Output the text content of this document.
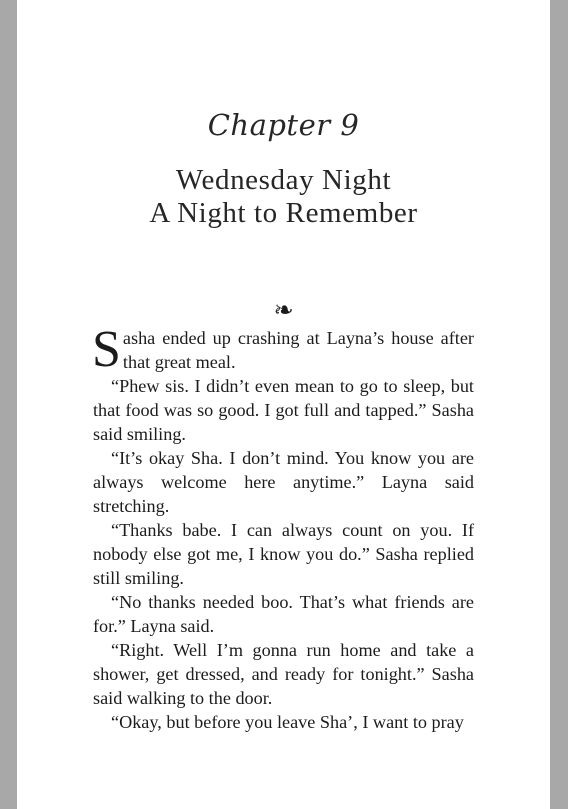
Chapter 9
Wednesday Night
A Night to Remember
❧

Sasha ended up crashing at Layna’s house after that great meal.

“Phew sis. I didn’t even mean to go to sleep, but that food was so good. I got full and tapped.” Sasha said smiling.

“It’s okay Sha. I don’t mind. You know you are always welcome here anytime.” Layna said stretching.

“Thanks babe. I can always count on you. If nobody else got me, I know you do.” Sasha replied still smiling.

“No thanks needed boo. That’s what friends are for.” Layna said.

“Right. Well I’m gonna run home and take a shower, get dressed, and ready for tonight.” Sasha said walking to the door.

“Okay, but before you leave Sha’, I want to pray
